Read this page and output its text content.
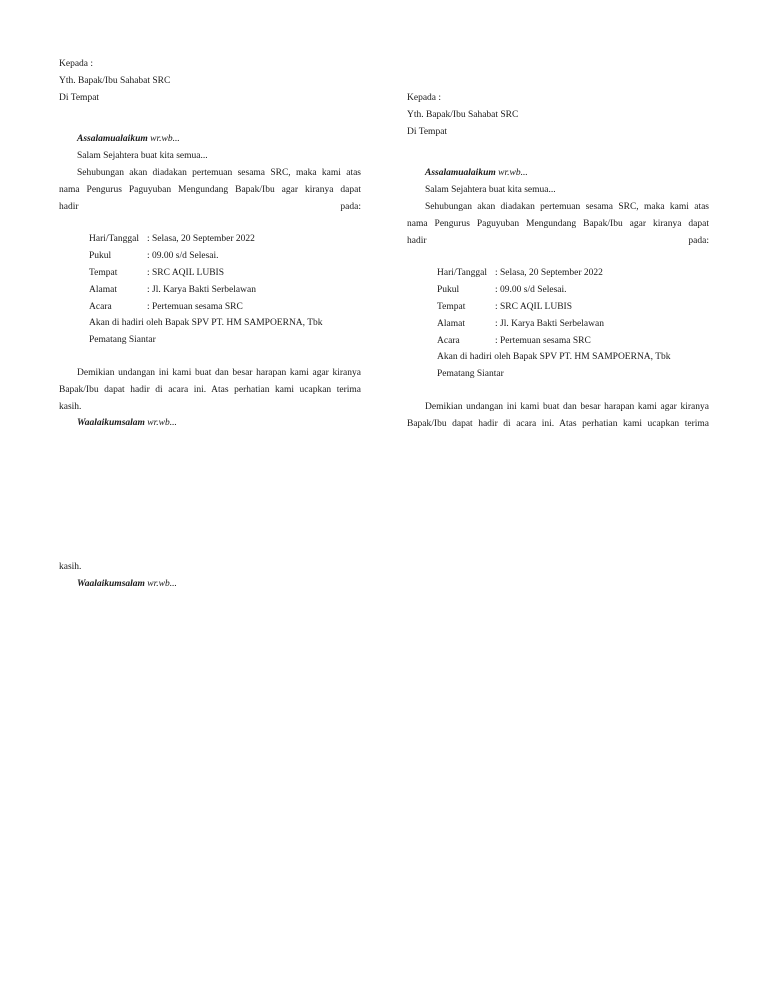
Kepada :

Yth. Bapak/Ibu Sahabat SRC

Di Tempat

Assalamualaikum wr.wb...

Salam Sejahtera buat kita semua...

Sehubungan akan diadakan pertemuan sesama SRC, maka kami atas

nama Pengurus Paguyuban Mengundang Bapak/Ibu agar kiranya dapat

hadir pada:

Hari/Tanggal : Selasa, 20 September 2022
Pukul	: 09.00 s/d Selesai.
Tempat	: SRC AQIL LUBIS
Alamat	: Jl. Karya Bakti Serbelawan
Acara	: Pertemuan sesama SRC

Akan di hadiri oleh Bapak SPV PT. HM SAMPOERNA, Tbk

Pematang Siantar

Demikian undangan ini kami buat dan besar harapan kami agar kiranya

Bapak/Ibu dapat hadir di acara ini. Atas perhatian kami ucapkan terima

kasih.

Waalaikumsalam wr.wb...

Kepada :

Yth. Bapak/Ibu Sahabat SRC

Di Tempat

Assalamualaikum wr.wb...

Salam Sejahtera buat kita semua...

Sehubungan akan diadakan pertemuan sesama SRC, maka kami atas

nama Pengurus Paguyuban Mengundang Bapak/Ibu agar kiranya dapat

hadir pada:

Hari/Tanggal : Selasa, 20 September 2022
Pukul	: 09.00 s/d Selesai.
Tempat	: SRC AQIL LUBIS
Alamat	: Jl. Karya Bakti Serbelawan
Acara	: Pertemuan sesama SRC

Akan di hadiri oleh Bapak SPV PT. HM SAMPOERNA, Tbk

Pematang Siantar

Demikian undangan ini kami buat dan besar harapan kami agar kiranya

Bapak/Ibu dapat hadir di acara ini. Atas perhatian kami ucapkan terima

kasih.

Waalaikumsalam wr.wb...
